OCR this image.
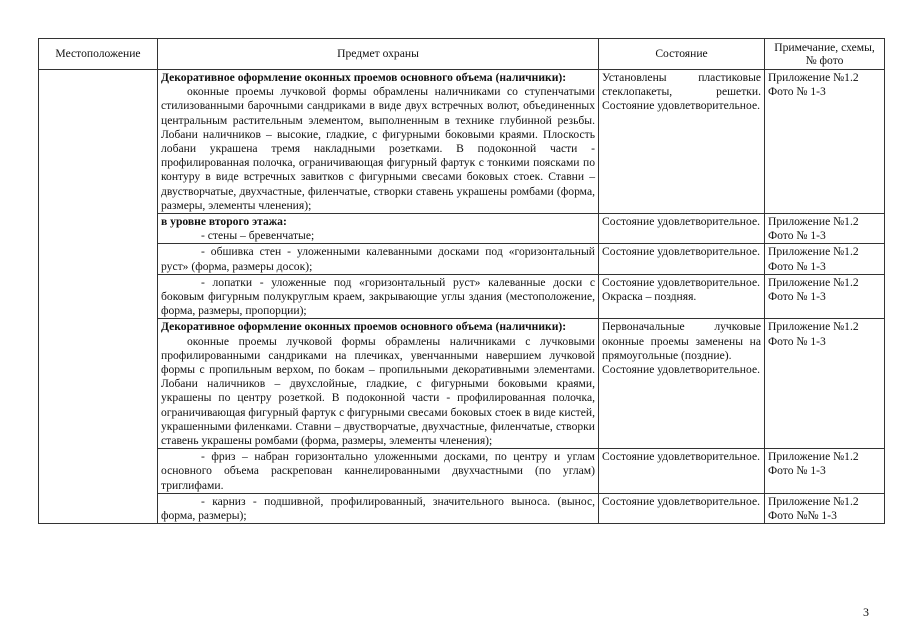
Местоположение	Предмет охраны	Состояние	Примечание, схемы, № фото

	Декоративное оформление оконных проемов основного объема (наличники):
оконные проемы лучковой формы обрамлены наличниками со ступенчатыми стилизованными барочными сандриками в виде двух встречных волют, объединенных центральным растительным элементом, выполненным в технике глубинной резьбы. Лобани наличников – высокие, гладкие, с фигурными боковыми краями. Плоскость лобани украшена тремя накладными розетками. В подоконной части - профилированная полочка, ограничивающая фигурный фартук с тонкими поясками по контуру в виде встречных завитков с фигурными свесами боковых стоек. Ставни – двустворчатые, двухчастные, филенчатые, створки ставень украшены ромбами (форма, размеры, элементы членения);	Установлены пластиковые стеклопакеты, решетки. Состояние удовлетворительное.	Приложение №1.2
Фото № 1-3

	в уровне второго этажа:
- стены – бревенчатые;	Состояние удовлетворительное.	Приложение №1.2
Фото № 1-3

	- обшивка стен - уложенными калеванными досками под «горизонтальный руст» (форма, размеры досок);	Состояние удовлетворительное.	Приложение №1.2
Фото № 1-3

	- лопатки - уложенные под «горизонтальный руст» калеванные доски с боковым фигурным полукруглым краем, закрывающие углы здания (местоположение, форма, размеры, пропорции);	Состояние удовлетворительное.
Окраска – поздняя.	Приложение №1.2
Фото № 1-3

	Декоративное оформление оконных проемов основного объема (наличники):
оконные проемы лучковой формы обрамлены наличниками с лучковыми профилированными сандриками на плечиках, увенчанными навершием лучковой формы с пропильным верхом, по бокам – пропильными декоративными элементами. Лобани наличников – двухслойные, гладкие, с фигурными боковыми краями, украшены по центру розеткой. В подоконной части - профилированная полочка, ограничивающая фигурный фартук с фигурными свесами боковых стоек в виде кистей, украшенными филенками. Ставни – двустворчатые, двухчастные, филенчатые, створки ставень украшены ромбами (форма, размеры, элементы членения);	Первоначальные лучковые оконные проемы заменены на прямоугольные (поздние).
Состояние удовлетворительное.	Приложение №1.2
Фото № 1-3

	- фриз – набран горизонтально уложенными досками, по центру и углам основного объема раскрепован каннелированными двухчастными (по углам) триглифами.	Состояние удовлетворительное.	Приложение №1.2
Фото № 1-3

	- карниз - подшивной, профилированный, значительного выноса. (вынос, форма, размеры);	Состояние удовлетворительное.	Приложение №1.2
Фото №№ 1-3
3
